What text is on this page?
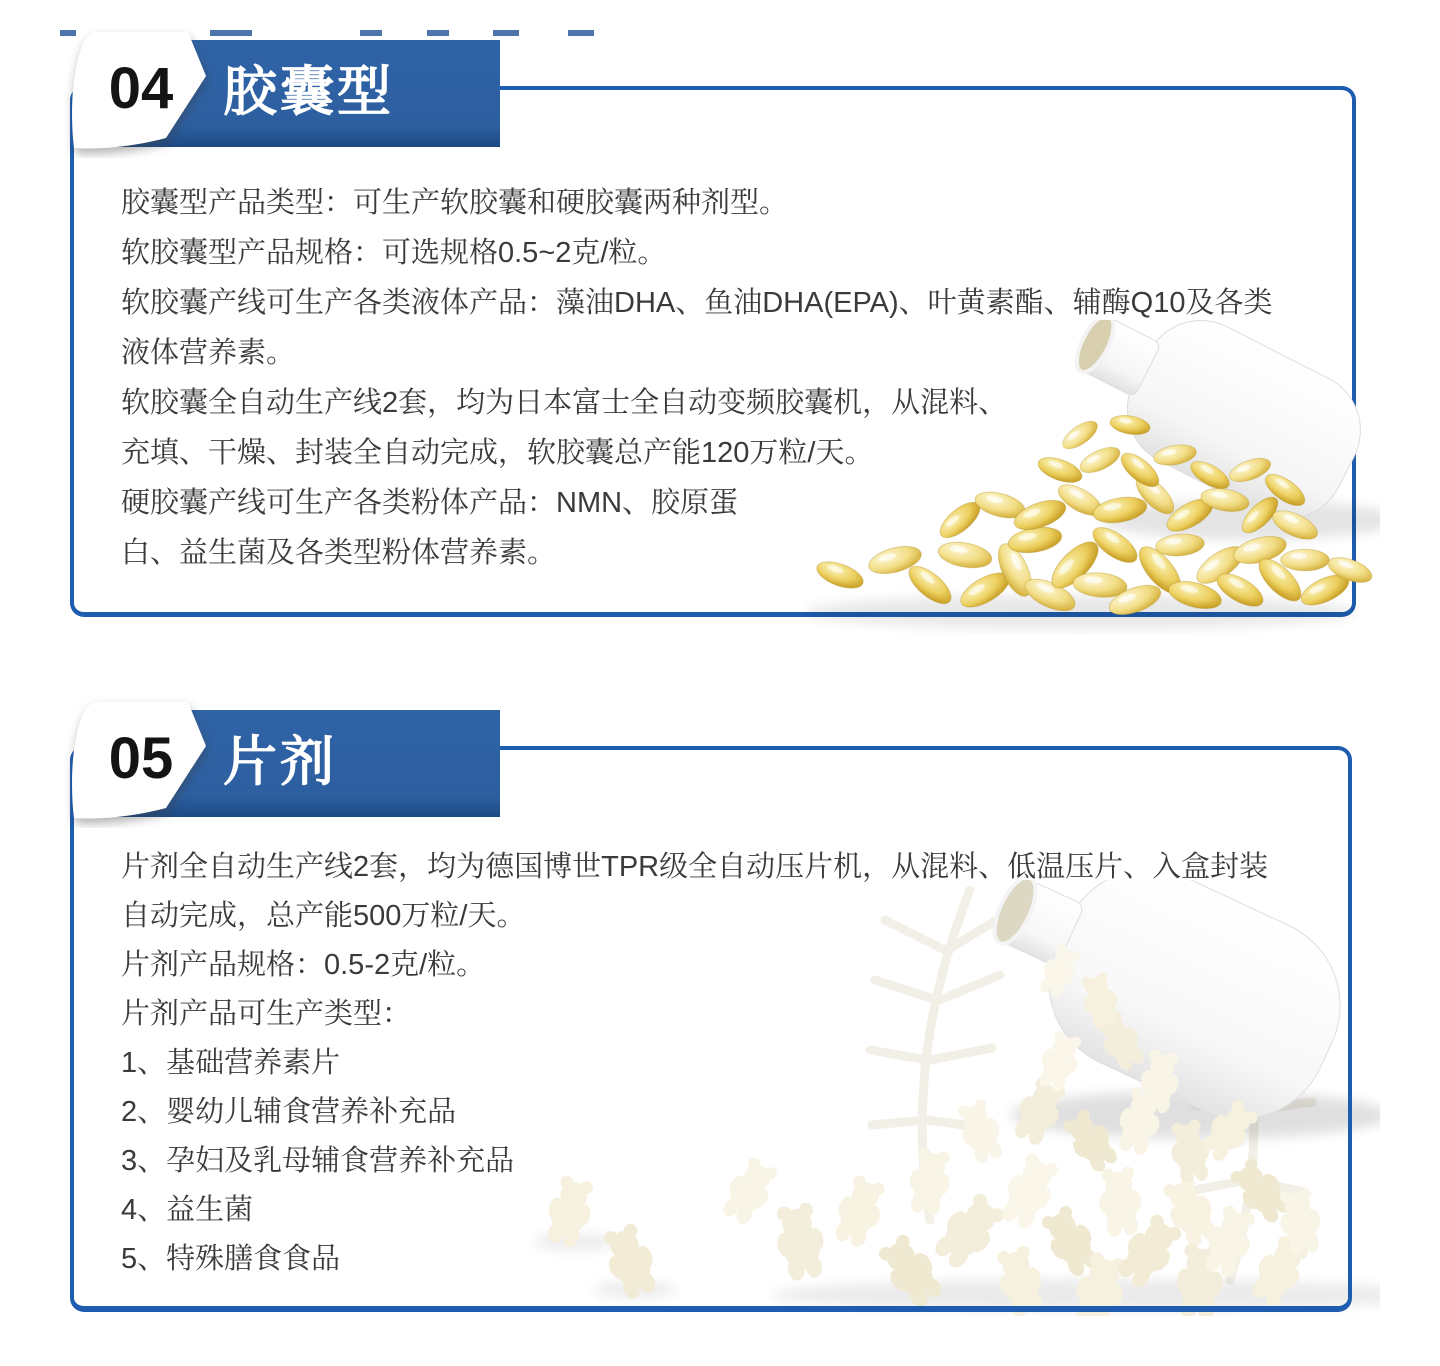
胶囊型
04
胶囊型产品类型：可生产软胶囊和硬胶囊两种剂型。
软胶囊型产品规格：可选规格0.5~2克/粒。
软胶囊产线可生产各类液体产品：藻油DHA、鱼油DHA(EPA)、叶黄素酯、辅酶Q10及各类
液体营养素。
软胶囊全自动生产线2套，均为日本富士全自动变频胶囊机，从混料、
充填、干燥、封装全自动完成，软胶囊总产能120万粒/天。
硬胶囊产线可生产各类粉体产品：NMN、胶原蛋
白、益生菌及各类型粉体营养素。
片剂
05
片剂全自动生产线2套，均为德国博世TPR级全自动压片机，从混料、低温压片、入盒封装
自动完成，总产能500万粒/天。
片剂产品规格：0.5-2克/粒。
片剂产品可生产类型：
1、基础营养素片
2、婴幼儿辅食营养补充品
3、孕妇及乳母辅食营养补充品
4、益生菌
5、特殊膳食食品
